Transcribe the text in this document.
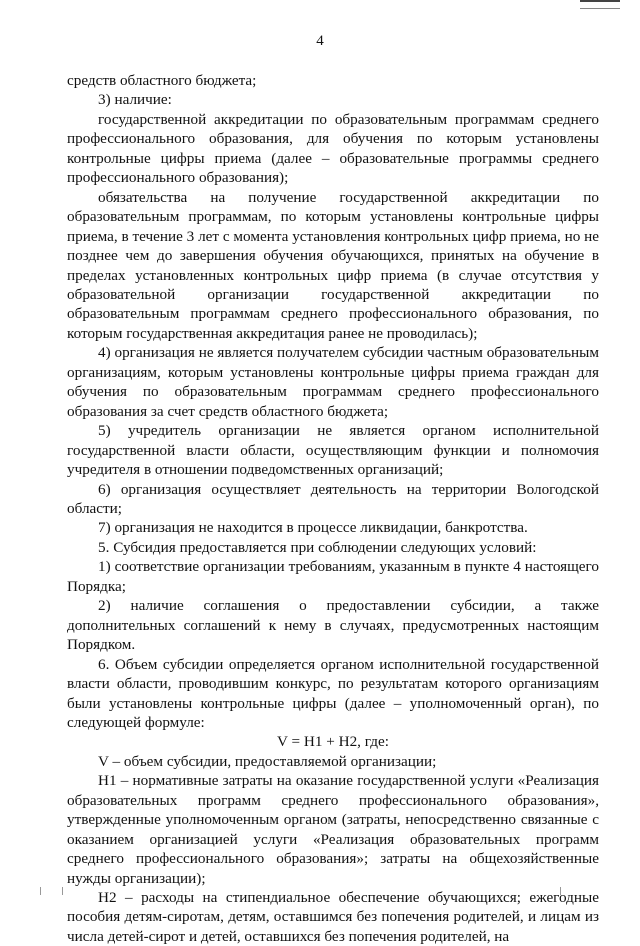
4

средств областного бюджета;

3) наличие:

государственной аккредитации по образовательным программам среднего профессионального образования, для обучения по которым установлены контрольные цифры приема (далее – образовательные программы среднего профессионального образования);

обязательства на получение государственной аккредитации по образовательным программам, по которым установлены контрольные цифры приема, в течение 3 лет с момента установления контрольных цифр приема, но не позднее чем до завершения обучения обучающихся, принятых на обучение в пределах установленных контрольных цифр приема (в случае отсутствия у образовательной организации государственной аккредитации по образовательным программам среднего профессионального образования, по которым государственная аккредитация ранее не проводилась);

4) организация не является получателем субсидии частным образовательным организациям, которым установлены контрольные цифры приема граждан для обучения по образовательным программам среднего профессионального образования за счет средств областного бюджета;

5) учредитель организации не является органом исполнительной государственной власти области, осуществляющим функции и полномочия учредителя в отношении подведомственных организаций;

6) организация осуществляет деятельность на территории Вологодской области;

7) организация не находится в процессе ликвидации, банкротства.

5. Субсидия предоставляется при соблюдении следующих условий:

1) соответствие организации требованиям, указанным в пункте 4 настоящего Порядка;

2) наличие соглашения о предоставлении субсидии, а также дополнительных соглашений к нему в случаях, предусмотренных настоящим Порядком.

6. Объем субсидии определяется органом исполнительной государственной власти области, проводившим конкурс, по результатам которого организациям были установлены контрольные цифры (далее – уполномоченный орган), по следующей формуле:

V = H1 + H2, где:

V – объем субсидии, предоставляемой организации;

H1 – нормативные затраты на оказание государственной услуги «Реализация образовательных программ среднего профессионального образования», утвержденные уполномоченным органом (затраты, непосредственно связанные с оказанием организацией услуги «Реализация образовательных программ среднего профессионального образования»; затраты на общехозяйственные нужды организации);

H2 – расходы на стипендиальное обеспечение обучающихся; ежегодные пособия детям-сиротам, детям, оставшимся без попечения родителей, и лицам из числа детей-сирот и детей, оставшихся без попечения родителей, на
